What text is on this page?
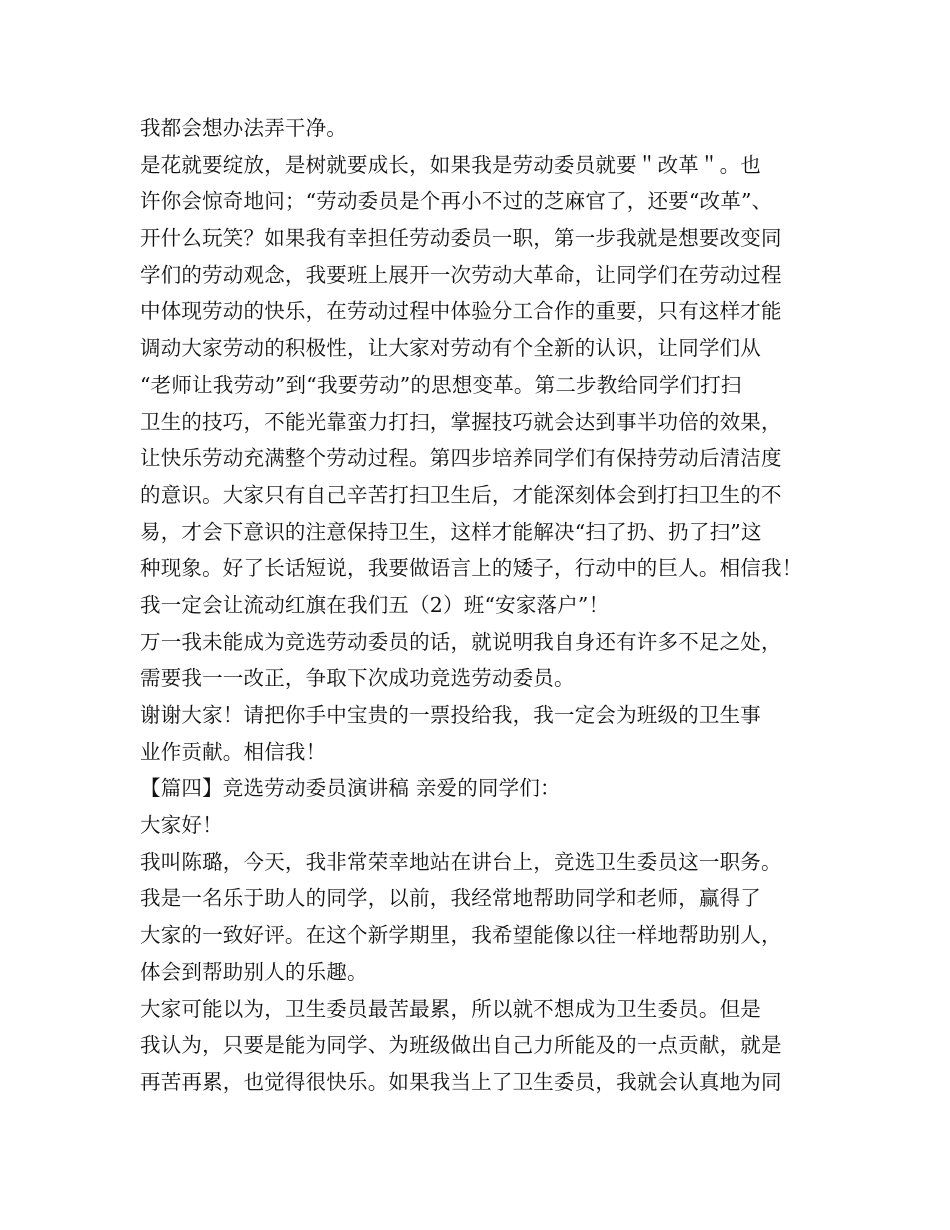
我都会想办法弄干净。
是花就要绽放，是树就要成长，如果我是劳动委员就要＂改革＂。也
许你会惊奇地问；“劳动委员是个再小不过的芝麻官了，还要“改革”、
开什么玩笑？如果我有幸担任劳动委员一职，第一步我就是想要改变同
学们的劳动观念，我要班上展开一次劳动大革命，让同学们在劳动过程
中体现劳动的快乐，在劳动过程中体验分工合作的重要，只有这样才能
调动大家劳动的积极性，让大家对劳动有个全新的认识，让同学们从
“老师让我劳动”到“我要劳动”的思想变革。第二步教给同学们打扫
卫生的技巧，不能光靠蛮力打扫，掌握技巧就会达到事半功倍的效果，
让快乐劳动充满整个劳动过程。第四步培养同学们有保持劳动后清洁度
的意识。大家只有自己辛苦打扫卫生后，才能深刻体会到打扫卫生的不
易，才会下意识的注意保持卫生，这样才能解决“扫了扔、扔了扫”这
种现象。好了长话短说，我要做语言上的矮子，行动中的巨人。相信我！
我一定会让流动红旗在我们五（2）班“安家落户”！
万一我未能成为竞选劳动委员的话，就说明我自身还有许多不足之处，
需要我一一改正，争取下次成功竞选劳动委员。
谢谢大家！请把你手中宝贵的一票投给我，我一定会为班级的卫生事
业作贡献。相信我！
【篇四】竞选劳动委员演讲稿 亲爱的同学们：
大家好！
我叫陈璐，今天，我非常荣幸地站在讲台上，竞选卫生委员这一职务。
我是一名乐于助人的同学，以前，我经常地帮助同学和老师，赢得了
大家的一致好评。在这个新学期里，我希望能像以往一样地帮助别人，
体会到帮助别人的乐趣。
大家可能以为，卫生委员最苦最累，所以就不想成为卫生委员。但是
我认为，只要是能为同学、为班级做出自己力所能及的一点贡献，就是
再苦再累，也觉得很快乐。如果我当上了卫生委员，我就会认真地为同
